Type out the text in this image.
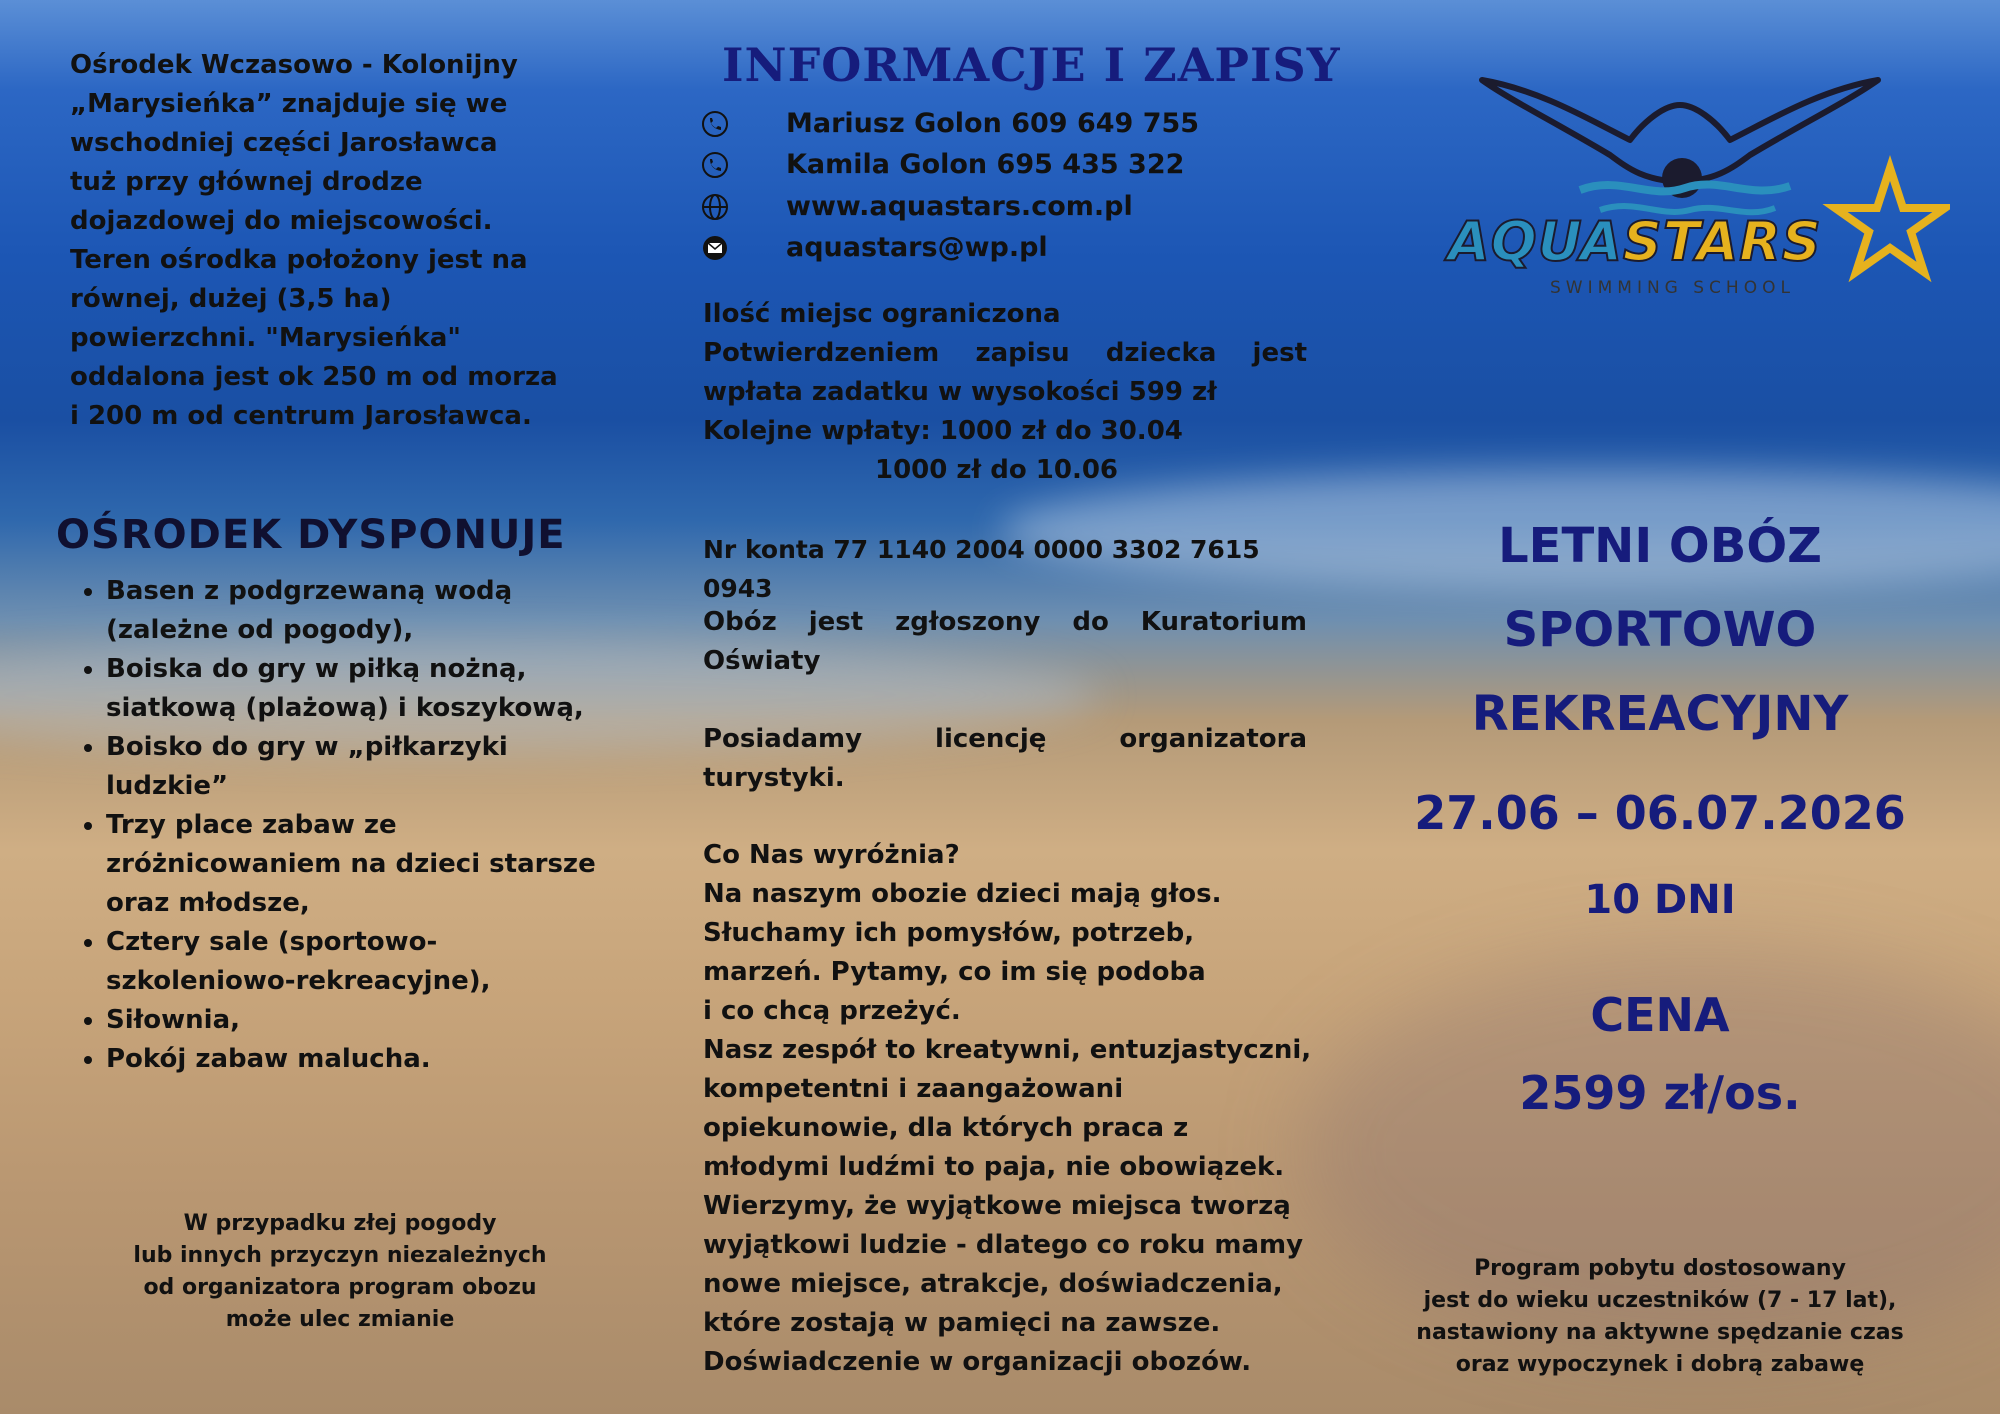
Ośrodek Wczasowo - Kolonijny

„Marysieńka” znajduje się we

wschodniej części Jarosławca

tuż przy głównej drodze

dojazdowej do miejscowości.

Teren ośrodka położony jest na

równej, dużej (3,5 ha)

powierzchni. "Marysieńka"

oddalona jest ok 250 m od morza

i 200 m od centrum Jarosławca.

OŚRODEK DYSPONUJE
• Basen z podgrzewaną wodą (zależne od pogody),
• Boiska do gry w piłką nożną, siatkową (plażową) i koszykową,
• Boisko do gry w „piłkarzyki ludzkie”
• Trzy place zabaw ze zróżnicowaniem na dzieci starsze oraz młodsze,
• Cztery sale (sportowo-szkoleniowo-rekreacyjne),
• Siłownia,
• Pokój zabaw malucha.

W przypadku złej pogody

lub innych przyczyn niezależnych

od organizatora program obozu

może ulec zmianie

INFORMACJE I ZAPISY
Mariusz Golon 609 649 755
Kamila Golon 695 435 322
www.aquastars.com.pl
aquastars@wp.pl

Ilość miejsc ograniczona

Potwierdzeniem zapisu dziecka jest

wpłata zadatku w wysokości 599 zł

Kolejne wpłaty: 1000 zł do 30.04

1000 zł do 10.06

Nr konta 77 1140 2004 0000 3302 7615 0943

Obóz jest zgłoszony do Kuratorium

Oświaty

Posiadamy licencję organizatora

turystyki.

Co Nas wyróżnia?

Na naszym obozie dzieci mają głos.

Słuchamy ich pomysłów, potrzeb,

marzeń. Pytamy, co im się podoba

i co chcą przeżyć.

Nasz zespół to kreatywni, entuzjastyczni,

kompetentni i zaangażowani

opiekunowie, dla których praca z

młodymi ludźmi to paja, nie obowiązek.

Wierzymy, że wyjątkowe miejsca tworzą

wyjątkowi ludzie - dlatego co roku mamy

nowe miejsce, atrakcje, doświadczenia,

które zostają w pamięci na zawsze.

Doświadczenie w organizacji obozów.

AQUASTARS
SWIMMING SCHOOL
LETNI OBÓZ
SPORTOWO
REKREACYJNY
27.06 – 06.07.2026
10 DNI
CENA
2599 zł/os.

Program pobytu dostosowany

jest do wieku uczestników (7 - 17 lat),

nastawiony na aktywne spędzanie czas

oraz wypoczynek i dobrą zabawę
